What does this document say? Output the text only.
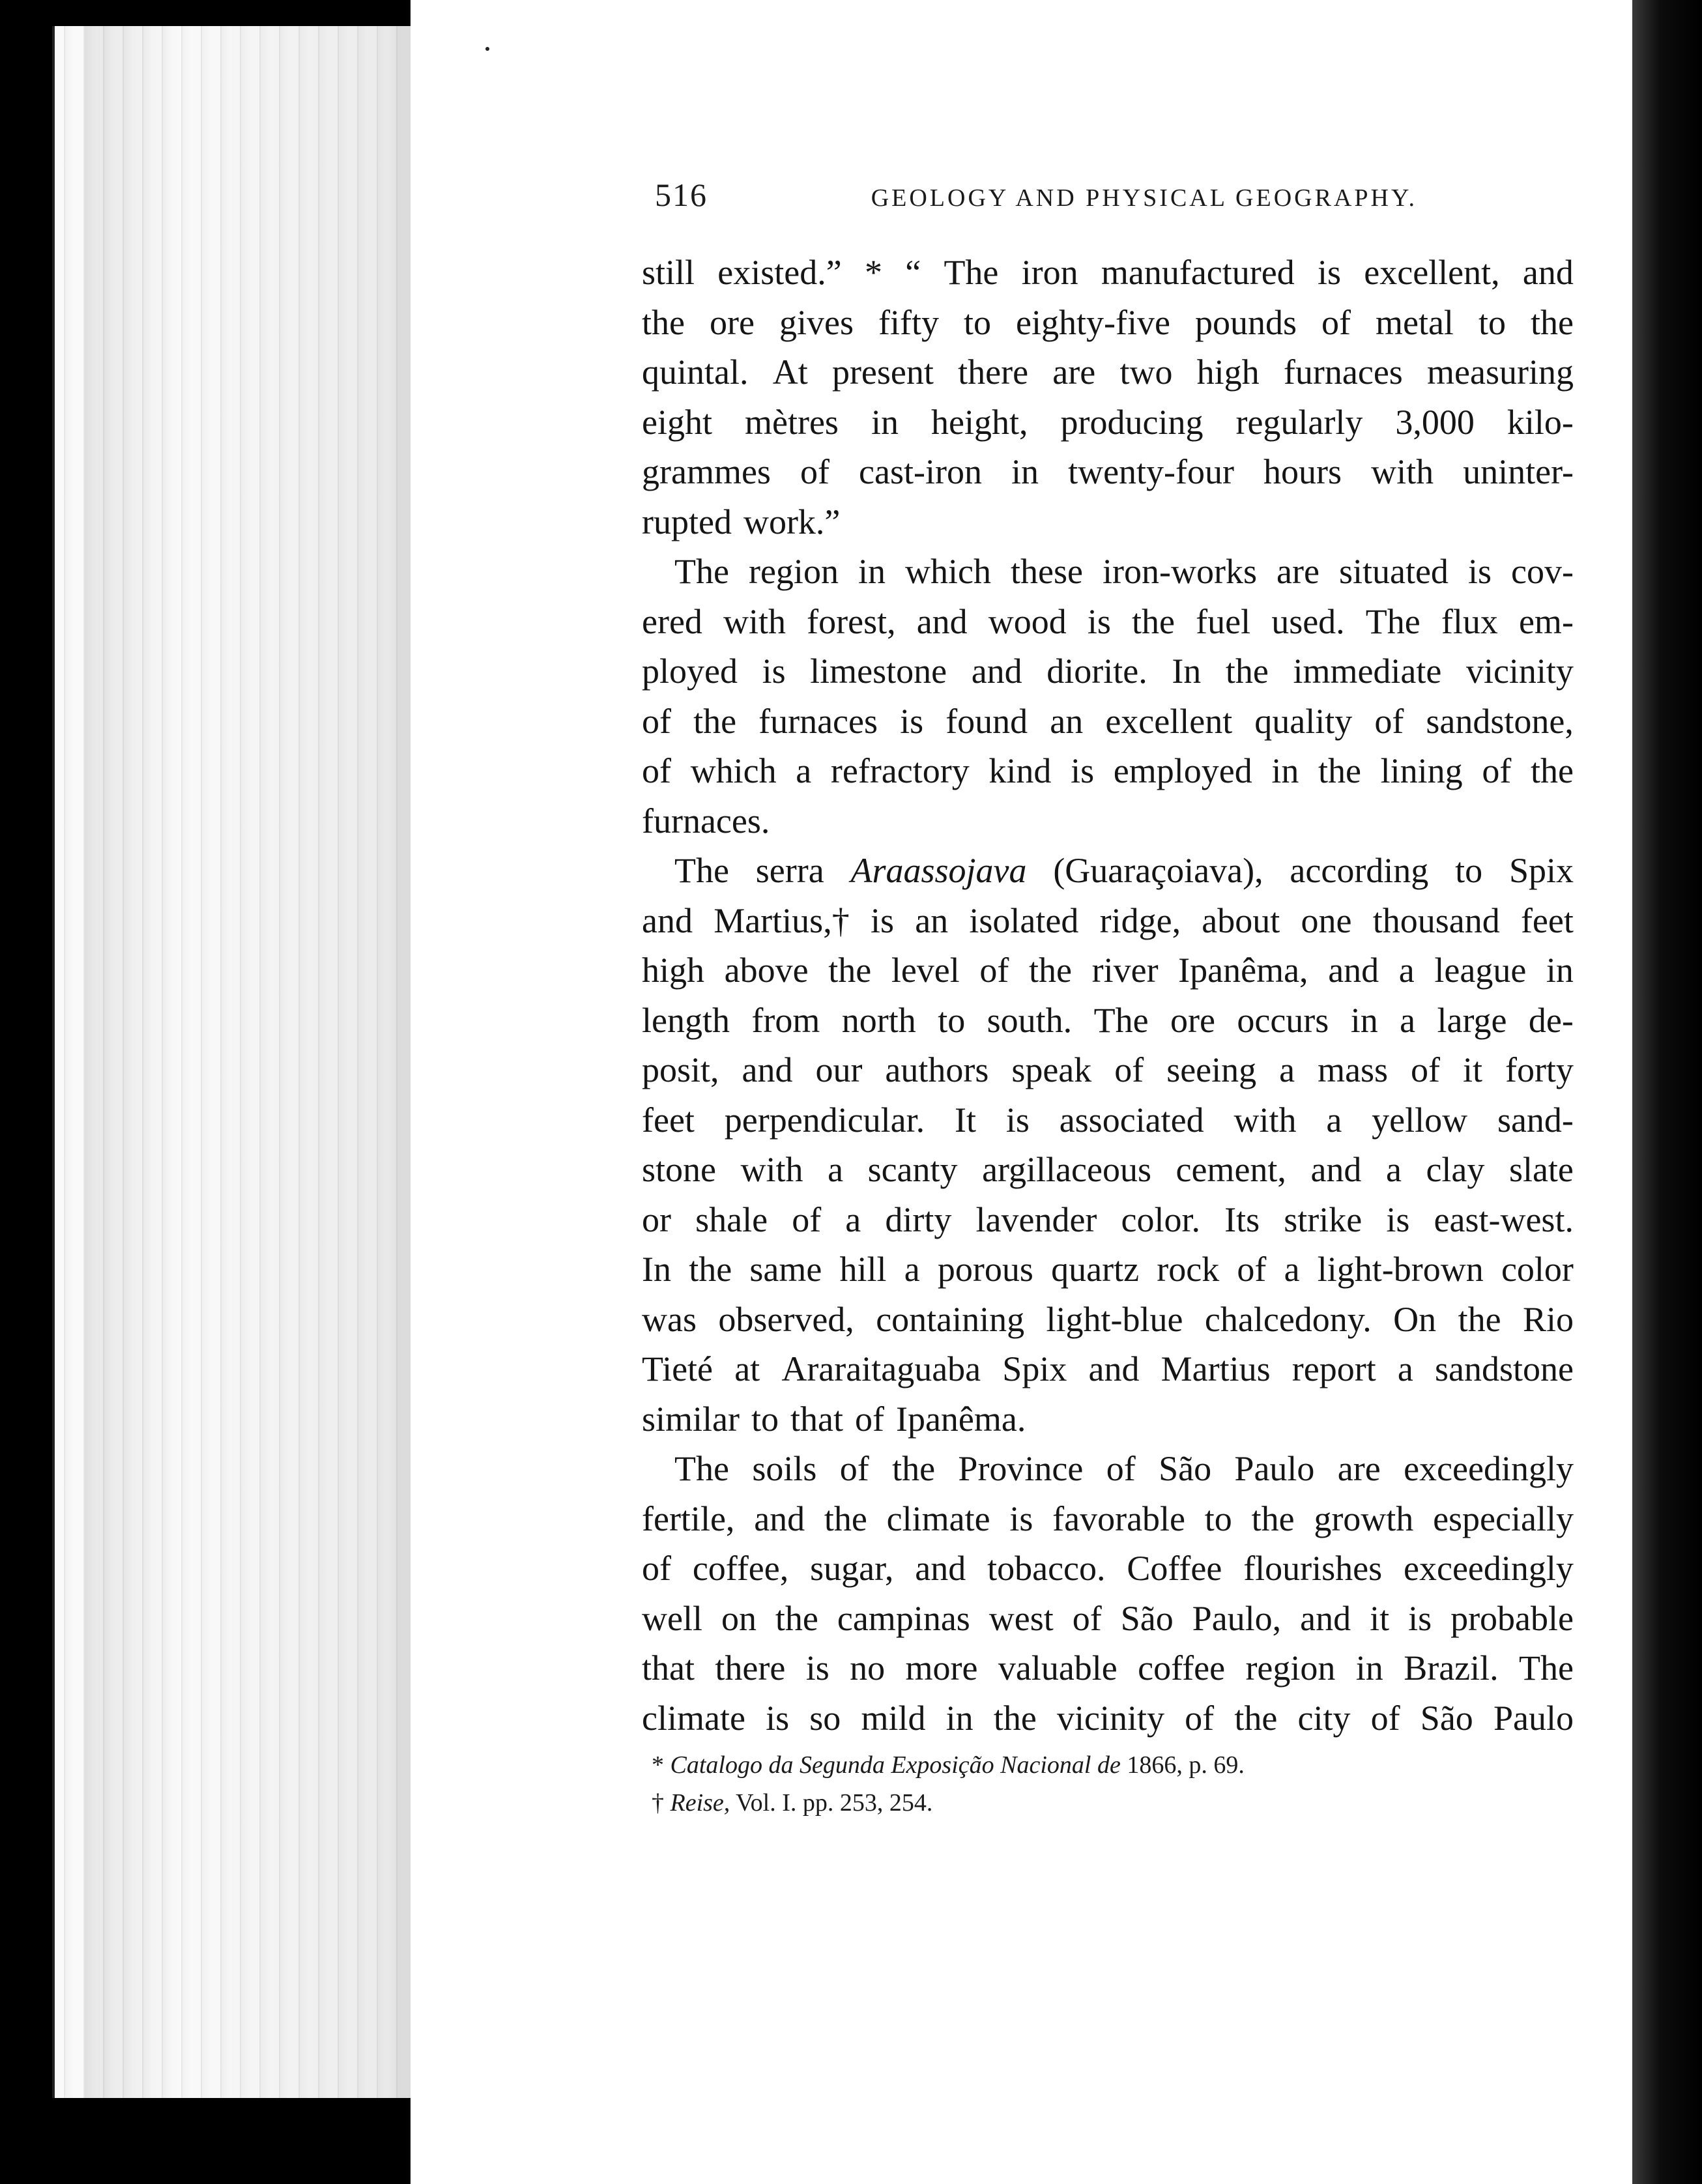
516	GEOLOGY AND PHYSICAL GEOGRAPHY.
still existed.” * “ The iron manufactured is excellent, and
the ore gives fifty to eighty-five pounds of metal to the
quintal. At present there are two high furnaces measuring
eight mètres in height, producing regularly 3,000 kilo-
grammes of cast-iron in twenty-four hours with uninter-
rupted work.”
The region in which these iron-works are situated is cov-
ered with forest, and wood is the fuel used. The flux em-
ployed is limestone and diorite. In the immediate vicinity
of the furnaces is found an excellent quality of sandstone,
of which a refractory kind is employed in the lining of the
furnaces.
The serra Araassojava (Guaraçoiava), according to Spix
and Martius,† is an isolated ridge, about one thousand feet
high above the level of the river Ipanêma, and a league in
length from north to south. The ore occurs in a large de-
posit, and our authors speak of seeing a mass of it forty
feet perpendicular. It is associated with a yellow sand-
stone with a scanty argillaceous cement, and a clay slate
or shale of a dirty lavender color. Its strike is east-west.
In the same hill a porous quartz rock of a light-brown color
was observed, containing light-blue chalcedony. On the Rio
Tieté at Araraitaguaba Spix and Martius report a sandstone
similar to that of Ipanêma.
The soils of the Province of São Paulo are exceedingly
fertile, and the climate is favorable to the growth especially
of coffee, sugar, and tobacco. Coffee flourishes exceedingly
well on the campinas west of São Paulo, and it is probable
that there is no more valuable coffee region in Brazil. The
climate is so mild in the vicinity of the city of São Paulo
* Catalogo da Segunda Exposição Nacional de 1866, p. 69.
† Reise, Vol. I. pp. 253, 254.
